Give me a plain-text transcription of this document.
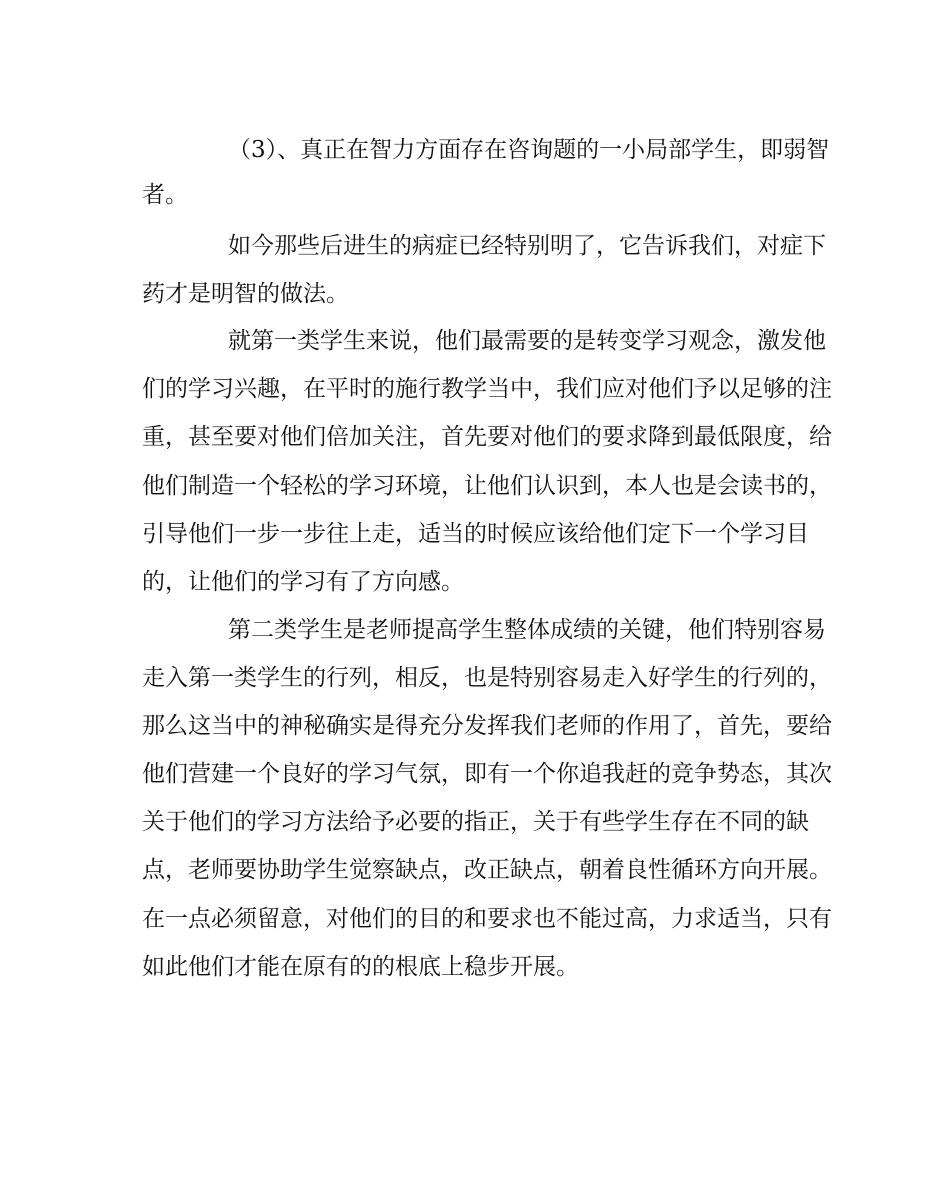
（3）、真正在智力方面存在咨询题的一小局部学生，即弱智
者。
如今那些后进生的病症已经特别明了，它告诉我们，对症下
药才是明智的做法。
就第一类学生来说，他们最需要的是转变学习观念，激发他
们的学习兴趣，在平时的施行教学当中，我们应对他们予以足够的注
重，甚至要对他们倍加关注，首先要对他们的要求降到最低限度，给
他们制造一个轻松的学习环境，让他们认识到，本人也是会读书的，
引导他们一步一步往上走，适当的时候应该给他们定下一个学习目
的，让他们的学习有了方向感。
第二类学生是老师提高学生整体成绩的关键，他们特别容易
走入第一类学生的行列，相反，也是特别容易走入好学生的行列的，
那么这当中的神秘确实是得充分发挥我们老师的作用了，首先，要给
他们营建一个良好的学习气氛，即有一个你追我赶的竞争势态，其次
关于他们的学习方法给予必要的指正，关于有些学生存在不同的缺
点，老师要协助学生觉察缺点，改正缺点，朝着良性循环方向开展。
在一点必须留意，对他们的目的和要求也不能过高，力求适当，只有
如此他们才能在原有的的根底上稳步开展。
